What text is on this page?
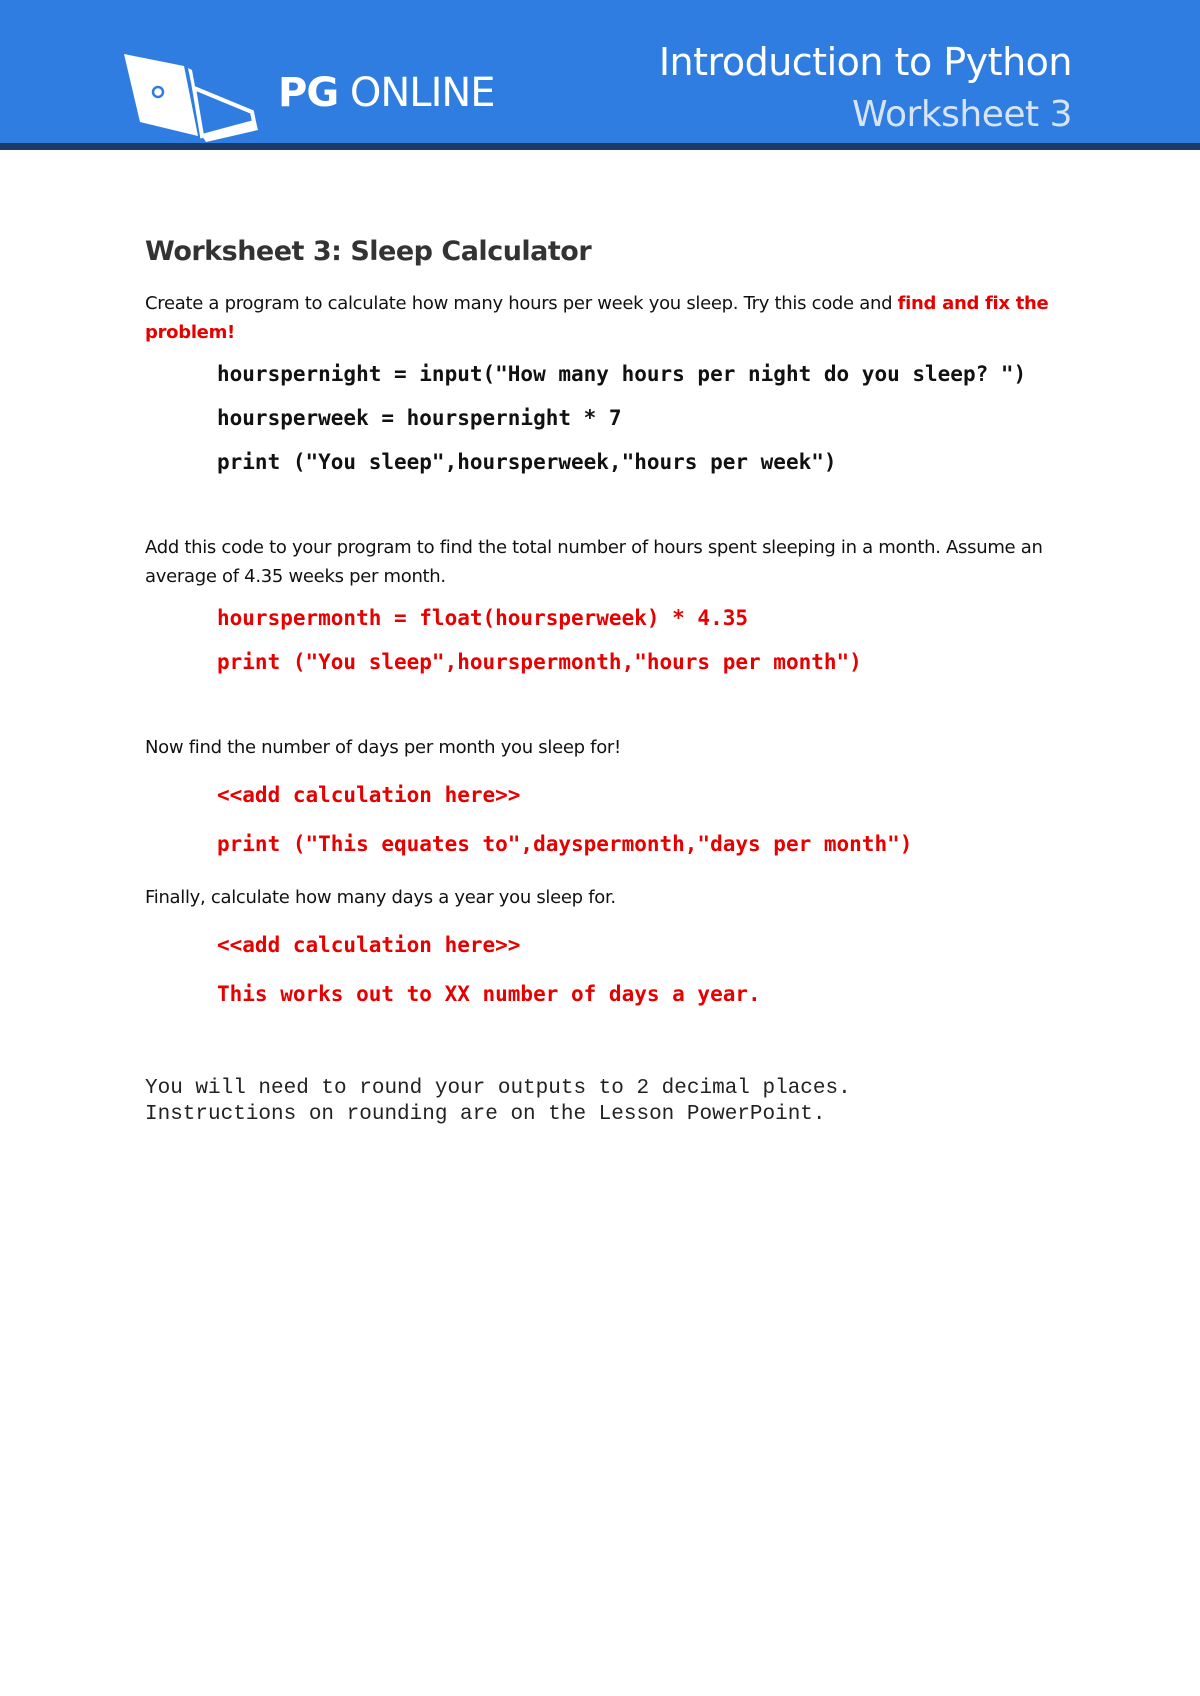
PG ONLINE
Introduction to Python
Worksheet 3
Worksheet 3: Sleep Calculator

Create a program to calculate how many hours per week you sleep. Try this code and find and fix the problem!

hourspernight = input("How many hours per night do you sleep? ")
hoursperweek = hourspernight * 7
print ("You sleep",hoursperweek,"hours per week")

Add this code to your program to find the total number of hours spent sleeping in a month. Assume an average of 4.35 weeks per month.

hourspermonth = float(hoursperweek) * 4.35
print ("You sleep",hourspermonth,"hours per month")

Now find the number of days per month you sleep for!

<<add calculation here>>
print ("This equates to",dayspermonth,"days per month")

Finally, calculate how many days a year you sleep for.

<<add calculation here>>
This works out to XX number of days a year.

You will need to round your outputs to 2 decimal places.

Instructions on rounding are on the Lesson PowerPoint.
